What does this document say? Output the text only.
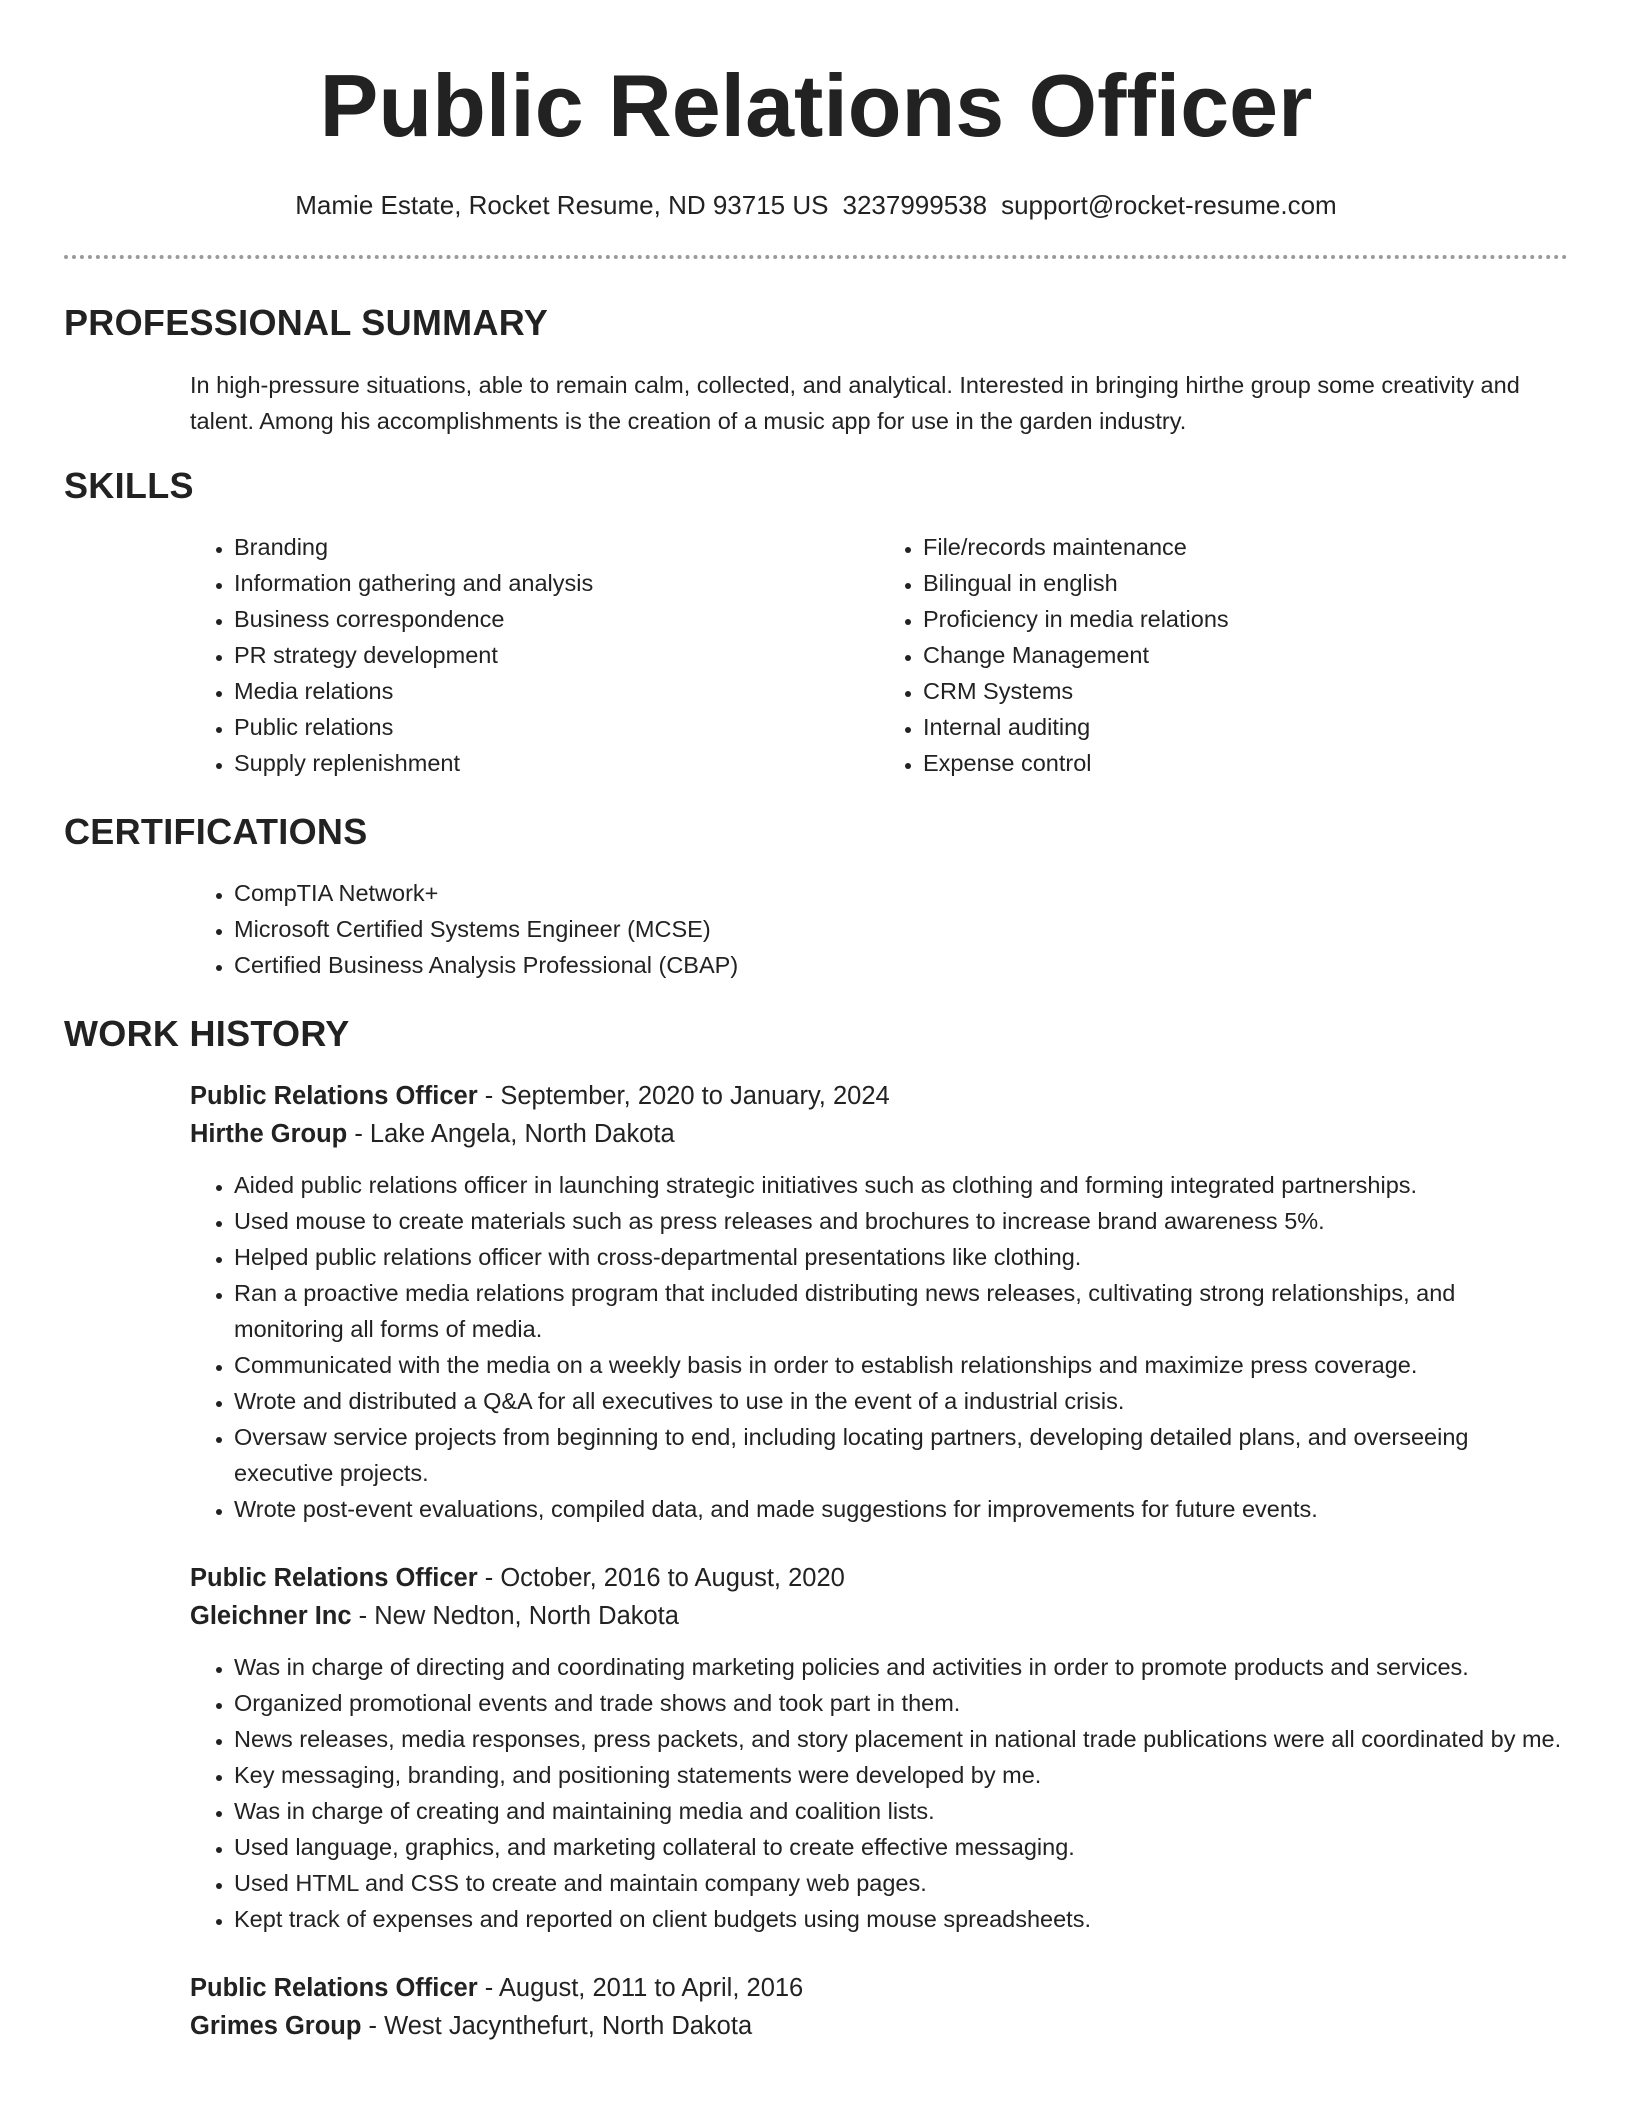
Public Relations Officer
Mamie Estate, Rocket Resume, ND 93715 US 3237999538 support@rocket-resume.com
PROFESSIONAL SUMMARY
In high-pressure situations, able to remain calm, collected, and analytical. Interested in bringing hirthe group some creativity and talent. Among his accomplishments is the creation of a music app for use in the garden industry.
SKILLS
• Branding
• Information gathering and analysis
• Business correspondence
• PR strategy development
• Media relations
• Public relations
• Supply replenishment
• File/records maintenance
• Bilingual in english
• Proficiency in media relations
• Change Management
• CRM Systems
• Internal auditing
• Expense control
CERTIFICATIONS
• CompTIA Network+
• Microsoft Certified Systems Engineer (MCSE)
• Certified Business Analysis Professional (CBAP)
WORK HISTORY
Public Relations Officer - September, 2020 to January, 2024
Hirthe Group - Lake Angela, North Dakota
• Aided public relations officer in launching strategic initiatives such as clothing and forming integrated partnerships.
• Used mouse to create materials such as press releases and brochures to increase brand awareness 5%.
• Helped public relations officer with cross-departmental presentations like clothing.
• Ran a proactive media relations program that included distributing news releases, cultivating strong relationships, and monitoring all forms of media.
• Communicated with the media on a weekly basis in order to establish relationships and maximize press coverage.
• Wrote and distributed a Q&A for all executives to use in the event of a industrial crisis.
• Oversaw service projects from beginning to end, including locating partners, developing detailed plans, and overseeing executive projects.
• Wrote post-event evaluations, compiled data, and made suggestions for improvements for future events.
Public Relations Officer - October, 2016 to August, 2020
Gleichner Inc - New Nedton, North Dakota
• Was in charge of directing and coordinating marketing policies and activities in order to promote products and services.
• Organized promotional events and trade shows and took part in them.
• News releases, media responses, press packets, and story placement in national trade publications were all coordinated by me.
• Key messaging, branding, and positioning statements were developed by me.
• Was in charge of creating and maintaining media and coalition lists.
• Used language, graphics, and marketing collateral to create effective messaging.
• Used HTML and CSS to create and maintain company web pages.
• Kept track of expenses and reported on client budgets using mouse spreadsheets.
Public Relations Officer - August, 2011 to April, 2016
Grimes Group - West Jacynthefurt, North Dakota
